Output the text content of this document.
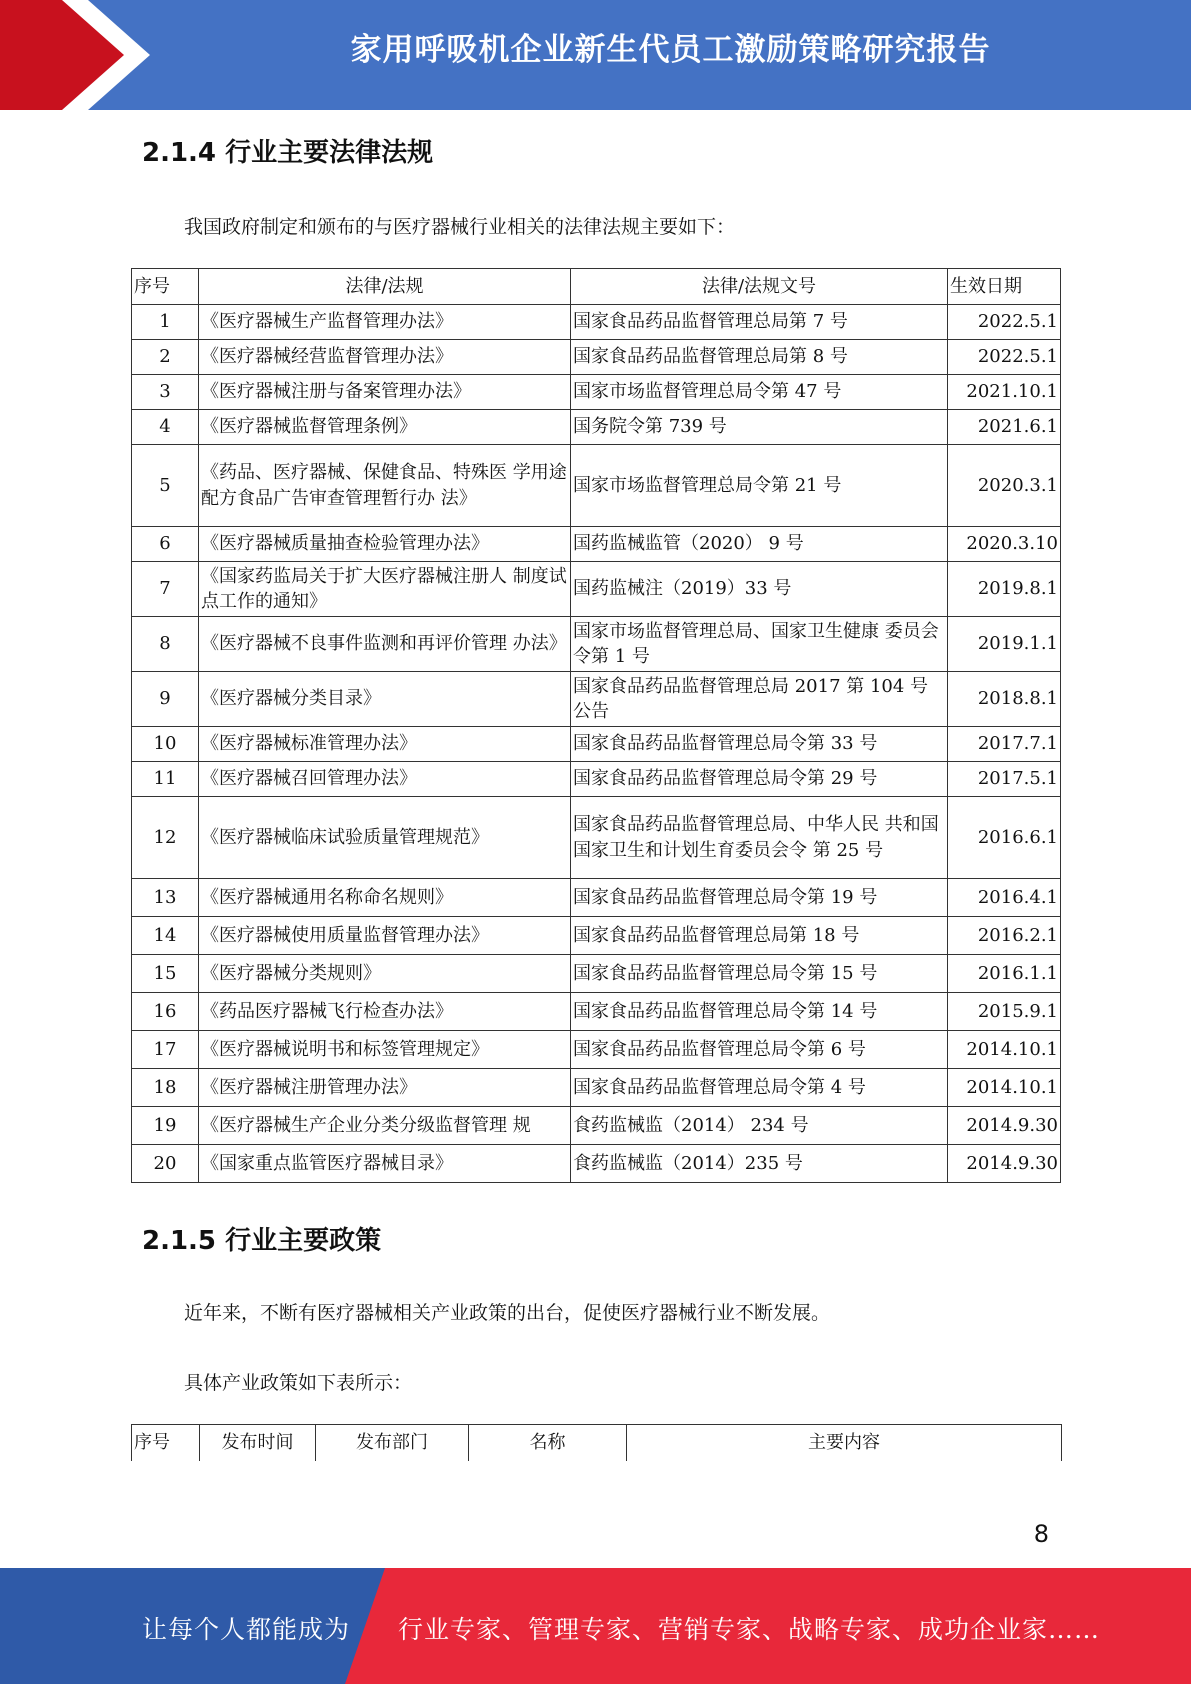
家用呼吸机企业新生代员工激励策略研究报告
2.1.4 行业主要法律法规

我国政府制定和颁布的与医疗器械行业相关的法律法规主要如下：

序号	法律/法规	法律/法规文号	生效日期
1	《医疗器械生产监督管理办法》	国家食品药品监督管理总局第 7 号	2022.5.1
2	《医疗器械经营监督管理办法》	国家食品药品监督管理总局第 8 号	2022.5.1
3	《医疗器械注册与备案管理办法》	国家市场监督管理总局令第 47 号	2021.10.1
4	《医疗器械监督管理条例》	国务院令第 739 号	2021.6.1
5	《药品、医疗器械、保健食品、特殊医 学用途配方食品广告审查管理暂行办 法》	国家市场监督管理总局令第 21 号	2020.3.1
6	《医疗器械质量抽查检验管理办法》	国药监械监管（2020） 9 号	2020.3.10
7	《国家药监局关于扩大医疗器械注册人 制度试点工作的通知》	国药监械注（2019）33 号	2019.8.1
8	《医疗器械不良事件监测和再评价管理 办法》	国家市场监督管理总局、国家卫生健康 委员会令第 1 号	2019.1.1
9	《医疗器械分类目录》	国家食品药品监督管理总局 2017 第 104 号公告	2018.8.1
10	《医疗器械标准管理办法》	国家食品药品监督管理总局令第 33 号	2017.7.1
11	《医疗器械召回管理办法》	国家食品药品监督管理总局令第 29 号	2017.5.1
12	《医疗器械临床试验质量管理规范》	国家食品药品监督管理总局、中华人民 共和国国家卫生和计划生育委员会令 第 25 号	2016.6.1
13	《医疗器械通用名称命名规则》	国家食品药品监督管理总局令第 19 号	2016.4.1
14	《医疗器械使用质量监督管理办法》	国家食品药品监督管理总局第 18 号	2016.2.1
15	《医疗器械分类规则》	国家食品药品监督管理总局令第 15 号	2016.1.1
16	《药品医疗器械飞行检查办法》	国家食品药品监督管理总局令第 14 号	2015.9.1
17	《医疗器械说明书和标签管理规定》	国家食品药品监督管理总局令第 6 号	2014.10.1
18	《医疗器械注册管理办法》	国家食品药品监督管理总局令第 4 号	2014.10.1
19	《医疗器械生产企业分类分级监督管理 规	食药监械监（2014） 234 号	2014.9.30
20	《国家重点监管医疗器械目录》	食药监械监（2014）235 号	2014.9.30
2.1.5 行业主要政策

近年来，不断有医疗器械相关产业政策的出台，促使医疗器械行业不断发展。

具体产业政策如下表所示：

序号	发布时间	发布部门	名称	主要内容
8
让每个人都能成为 行业专家、管理专家、营销专家、战略专家、成功企业家……
